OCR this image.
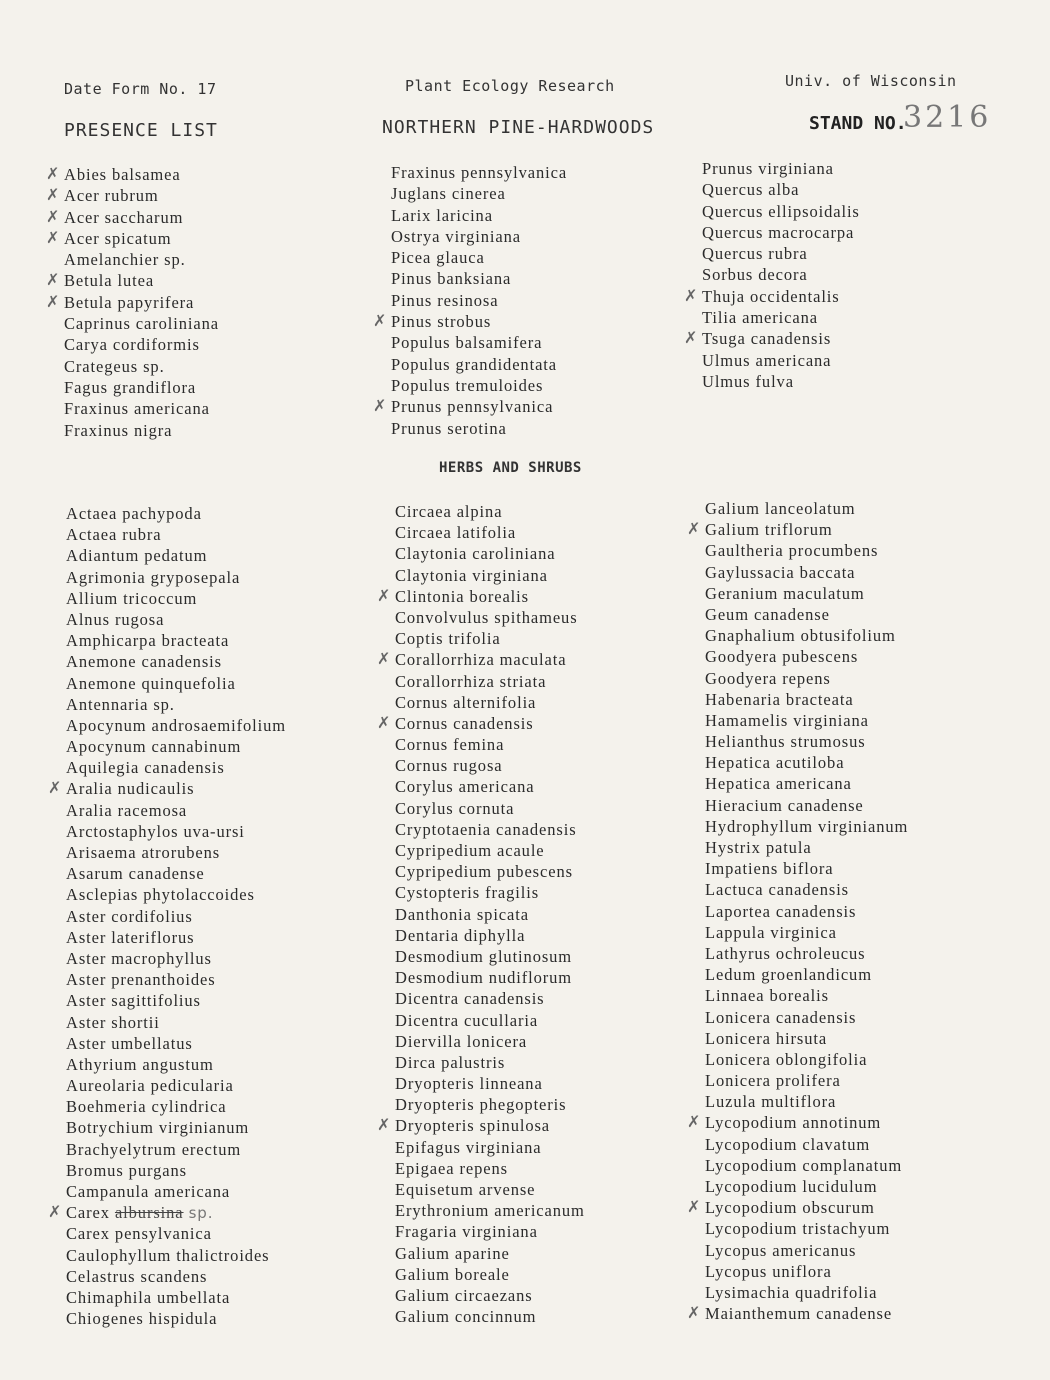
Date Form No. 17	Plant Ecology Research	Univ. of Wisconsin
PRESENCE LIST	NORTHERN PINE-HARDWOODS	STAND NO.
3216
✗ Abies balsamea
✗ Acer rubrum
✗ Acer saccharum
✗ Acer spicatum
Amelanchier sp.
✗ Betula lutea
✗ Betula papyrifera
Caprinus caroliniana
Carya cordiformis
Crategeus sp.
Fagus grandiflora
Fraxinus americana
Fraxinus nigra
Fraxinus pennsylvanica
Juglans cinerea
Larix laricina
Ostrya virginiana
Picea glauca
Pinus banksiana
Pinus resinosa
✗ Pinus strobus
Populus balsamifera
Populus grandidentata
Populus tremuloides
✗ Prunus pennsylvanica
Prunus serotina
Prunus virginiana
Quercus alba
Quercus ellipsoidalis
Quercus macrocarpa
Quercus rubra
Sorbus decora
✗ Thuja occidentalis
Tilia americana
✗ Tsuga canadensis
Ulmus americana
Ulmus fulva
HERBS AND SHRUBS
Actaea pachypoda
Actaea rubra
Adiantum pedatum
Agrimonia gryposepala
Allium tricoccum
Alnus rugosa
Amphicarpa bracteata
Anemone canadensis
Anemone quinquefolia
Antennaria sp.
Apocynum androsaemifolium
Apocynum cannabinum
Aquilegia canadensis
✗ Aralia nudicaulis
Aralia racemosa
Arctostaphylos uva-ursi
Arisaema atrorubens
Asarum canadense
Asclepias phytolaccoides
Aster cordifolius
Aster lateriflorus
Aster macrophyllus
Aster prenanthoides
Aster sagittifolius
Aster shortii
Aster umbellatus
Athyrium angustum
Aureolaria pedicularia
Boehmeria cylindrica
Botrychium virginianum
Brachyelytrum erectum
Bromus purgans
Campanula americana
✗ Carex albursina sp.
Carex pensylvanica
Caulophyllum thalictroides
Celastrus scandens
Chimaphila umbellata
Chiogenes hispidula
Circaea alpina
Circaea latifolia
Claytonia caroliniana
Claytonia virginiana
✗ Clintonia borealis
Convolvulus spithameus
Coptis trifolia
✗ Corallorrhiza maculata
Corallorrhiza striata
Cornus alternifolia
✗ Cornus canadensis
Cornus femina
Cornus rugosa
Corylus americana
Corylus cornuta
Cryptotaenia canadensis
Cypripedium acaule
Cypripedium pubescens
Cystopteris fragilis
Danthonia spicata
Dentaria diphylla
Desmodium glutinosum
Desmodium nudiflorum
Dicentra canadensis
Dicentra cucullaria
Diervilla lonicera
Dirca palustris
Dryopteris linneana
Dryopteris phegopteris
✗ Dryopteris spinulosa
Epifagus virginiana
Epigaea repens
Equisetum arvense
Erythronium americanum
Fragaria virginiana
Galium aparine
Galium boreale
Galium circaezans
Galium concinnum
Galium lanceolatum
✗ Galium triflorum
Gaultheria procumbens
Gaylussacia baccata
Geranium maculatum
Geum canadense
Gnaphalium obtusifolium
Goodyera pubescens
Goodyera repens
Habenaria bracteata
Hamamelis virginiana
Helianthus strumosus
Hepatica acutiloba
Hepatica americana
Hieracium canadense
Hydrophyllum virginianum
Hystrix patula
Impatiens biflora
Lactuca canadensis
Laportea canadensis
Lappula virginica
Lathyrus ochroleucus
Ledum groenlandicum
Linnaea borealis
Lonicera canadensis
Lonicera hirsuta
Lonicera oblongifolia
Lonicera prolifera
Luzula multiflora
✗ Lycopodium annotinum
Lycopodium clavatum
Lycopodium complanatum
Lycopodium lucidulum
✗ Lycopodium obscurum
Lycopodium tristachyum
Lycopus americanus
Lycopus uniflora
Lysimachia quadrifolia
✗ Maianthemum canadense
